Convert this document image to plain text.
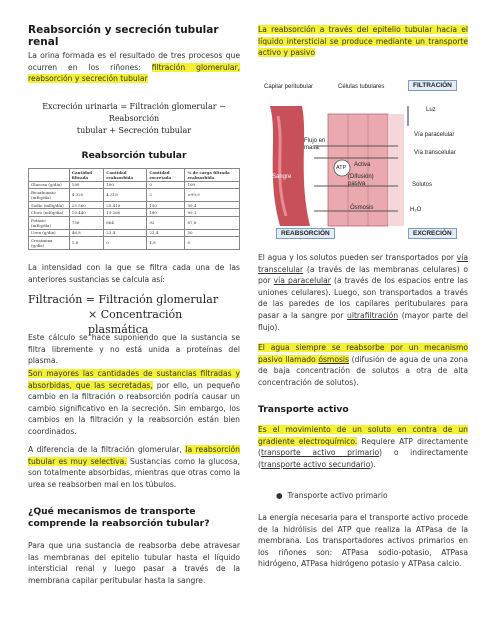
Reabsorción y secreción tubular renal

La orina formada es el resultado de tres procesos que ocurren en los riñones: filtración glomerular, reabsorción y secreción tubular

Excreción urinaria = Filtración glomerular − Reabsorción
tubular + Secreción tubular
Reabsorción tubular
	Cantidad filtrada	Cantidad reabsorbida	Cantidad excretada	% de carga filtrada reabsorbida
Glucosa (g/día)	180	180	0	100
Bicarbonato (mEq/día)	4.320	4.318	2	>99,9
Sodio (mEq/día)	25.560	25.410	150	99,4
Cloro (mEq/día)	19.440	19.260	180	99,1
Potasio (mEq/día)	756	664	92	87,8
Urea (g/día)	46,8	23,4	23,4	50
Creatinina (g/día)	1,8	0	1,8	0

La intensidad con la que se filtra cada una de las anteriores sustancias se calcula así:

Filtración = Filtración glomerular
× Concentración plasmática

Este cálculo se hace suponiendo que la sustancia se filtra libremente y no está unida a proteínas del plasma.

Son mayores las cantidades de sustancias filtradas y absorbidas, que las secretadas, por ello, un pequeño cambio en la filtración o reabsorción podría causar un cambio significativo en la secreción. Sin embargo, los cambios en la filtración y la reabsorción están bien coordinados.

A diferencia de la filtración glomerular, la reabsorción tubular es muy selectiva. Sustancias como la glucosa, son totalmente absorbidas, mientras que otras como la urea se reabsorben mal en los túbulos.

¿Qué mecanismos de transporte comprende la reabsorción tubular?

Para que una sustancia de reabsorba debe atravesar las membranas del epitelio tubular hasta el líquido intersticial renal y luego pasar a través de la membrana capilar peritubular hasta la sangre.

La reabsorción a través del epitelio tubular hacia el líquido intersticial se produce mediante un transporte activo y pasivo

Capilar peritubular	Células tubulares	FILTRACIÓN
Luz
Flujo en masa
Sangre
ATP Activa
(Difusión) pasiva
Ósmosis
Vía paracelular
Vía transcelular
Solutos
H₂O
REABSORCIÓN	EXCRECIÓN

El agua y los solutos pueden ser transportados por vía transcelular (a través de las membranas celulares) o por vía paracelular (a través de los espacios entre las uniones celulares). Luego, son transportados a través de las paredes de los capilares peritubulares para pasar a la sangre por ultrafiltración (mayor parte del flujo).

El agua siempre se reabsorbe por un mecanismo pasivo llamado ósmosis (difusión de agua de una zona de baja concentración de solutos a otra de alta concentración de solutos).

Transporte activo

Es el movimiento de un soluto en contra de un gradiente electroquímico. Requiere ATP directamente (transporte activo primario) o indirectamente (transporte activo secundario).

● Transporte activo primario

La energía necesaria para el transporte activo procede de la hidrólisis del ATP que realiza la ATPasa de la membrana. Los transportadores activos primarios en los riñones son: ATPasa sodio-potasio, ATPasa hidrógeno, ATPasa hidrógeno potasio y ATPasa calcio.
